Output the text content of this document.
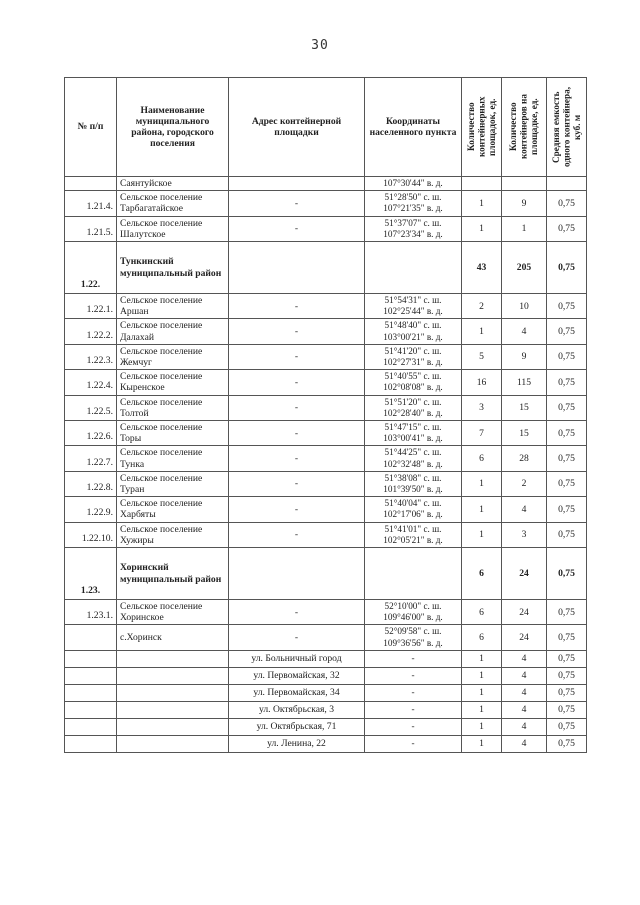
30
№ п/п	Наименование муниципального района, городского поселения	Адрес контейнерной площадки	Координаты населенного пункта	Количество контейнерных площадок, ед.	Количество контейнеров на площадке, ед.	Средняя емкость одного контейнера, куб. м

	Саянтуйское		107°30'44" в. д.			
1.21.4.	Сельское поселение Тарбагатайское	-	51°28'50" с. ш. 107°21'35" в. д.	1	9	0,75
1.21.5.	Сельское поселение Шалутское	-	51°37'07" с. ш. 107°23'34" в. д.	1	1	0,75
1.22.	Тункинский муниципальный район			43	205	0,75
1.22.1.	Сельское поселение Аршан	-	51°54'31" с. ш. 102°25'44" в. д.	2	10	0,75
1.22.2.	Сельское поселение Далахай	-	51°48'40" с. ш. 103°00'21" в. д.	1	4	0,75
1.22.3.	Сельское поселение Жемчуг	-	51°41'20" с. ш. 102°27'31" в. д.	5	9	0,75
1.22.4.	Сельское поселение Кыренское	-	51°40'55" с. ш. 102°08'08" в. д.	16	115	0,75
1.22.5.	Сельское поселение Толтой	-	51°51'20" с. ш. 102°28'40" в. д.	3	15	0,75
1.22.6.	Сельское поселение Торы	-	51°47'15" с. ш. 103°00'41" в. д.	7	15	0,75
1.22.7.	Сельское поселение Тунка	-	51°44'25" с. ш. 102°32'48" в. д.	6	28	0,75
1.22.8.	Сельское поселение Туран	-	51°38'08" с. ш. 101°39'50" в. д.	1	2	0,75
1.22.9.	Сельское поселение Харбяты	-	51°40'04" с. ш. 102°17'06" в. д.	1	4	0,75
1.22.10.	Сельское поселение Хужиры	-	51°41'01" с. ш. 102°05'21" в. д.	1	3	0,75
1.23.	Хоринский муниципальный район			6	24	0,75
1.23.1.	Сельское поселение Хоринское	-	52°10'00" с. ш. 109°46'00" в. д.	6	24	0,75
	с.Хоринск	-	52°09'58" с. ш. 109°36'56" в. д.	6	24	0,75
		ул. Больничный город	-	1	4	0,75
		ул. Первомайская, 32	-	1	4	0,75
		ул. Первомайская, 34	-	1	4	0,75
		ул. Октябрьская, 3	-	1	4	0,75
		ул. Октябрьская, 71	-	1	4	0,75
		ул. Ленина, 22	-	1	4	0,75
